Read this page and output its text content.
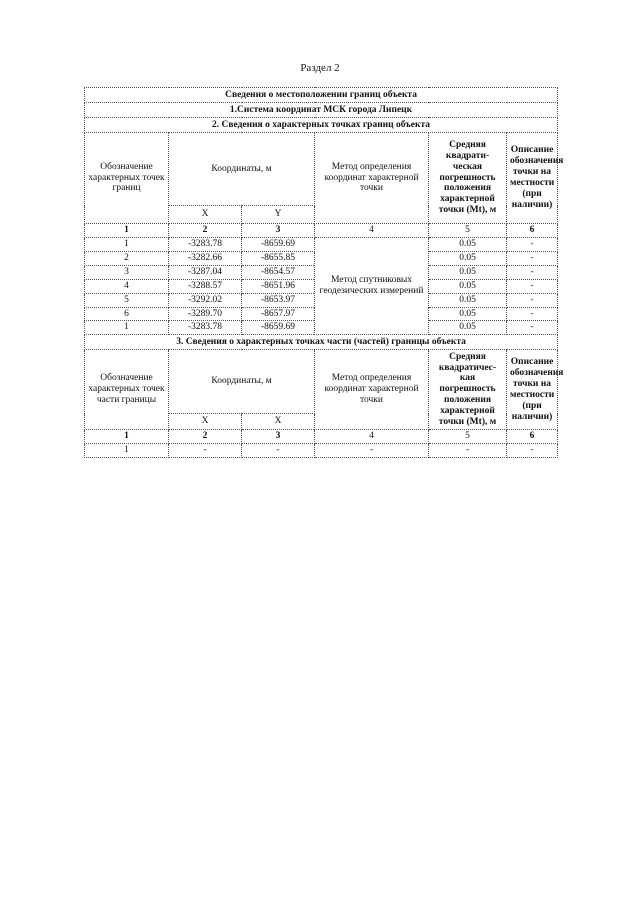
Раздел 2
Сведения о местоположении границ объекта					
1.Система координат МСК города Липецк					
2. Сведения о характерных точках границ объекта					
Обозначение характерных точек границ	Координаты, м		Метод определения координат характерной точки	Средняя квадрати-ческая погрешность положения характерной точки (Mt), м	Описание обозначения точки на местности (при наличии)
	X	Y			
1	2	3	4	5	6
1	-3283.78	-8659.69	Метод спутниковых геодезических измерений	0.05	-
2	-3282.66	-8655.85		0.05	-
3	-3287.04	-8654.57		0.05	-
4	-3288.57	-8651.96		0.05	-
5	-3292.02	-8653.97		0.05	-
6	-3289.70	-8657.97		0.05	-
1	-3283.78	-8659.69		0.05	-
3. Сведения о характерных точках части (частей) границы объекта					
Обозначение характерных точек части границы	Координаты, м		Метод определения координат характерной точки	Средняя квадратичес-кая погрешность положения характерной точки (Mt), м	Описание обозначения точки на местности (при наличии)
	X	X			
1	2	3	4	5	6
1	-	-	-	-	-
